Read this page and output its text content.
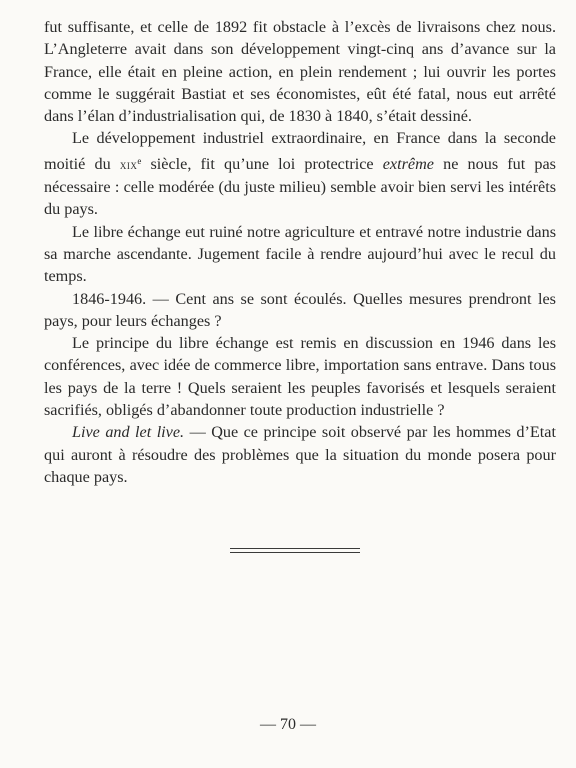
fut suffisante, et celle de 1892 fit obstacle à l’excès de livraisons chez nous. L’Angleterre avait dans son développement vingt-cinq ans d’avance sur la France, elle était en pleine action, en plein rendement ; lui ouvrir les portes comme le suggérait Bastiat et ses économistes, eût été fatal, nous eut arrêté dans l’élan d’industrialisation qui, de 1830 à 1840, s’était dessiné.

Le développement industriel extraordinaire, en France dans la seconde moitié du xix$^e$ siècle, fit qu’une loi protectrice extrême ne nous fut pas nécessaire : celle modérée (du juste milieu) semble avoir bien servi les intérêts du pays.

Le libre échange eut ruiné notre agriculture et entravé notre industrie dans sa marche ascendante. Jugement facile à rendre aujourd’hui avec le recul du temps.

1846-1946. — Cent ans se sont écoulés. Quelles mesures prendront les pays, pour leurs échanges ?

Le principe du libre échange est remis en discussion en 1946 dans les conférences, avec idée de commerce libre, importation sans entrave. Dans tous les pays de la terre ! Quels seraient les peuples favorisés et lesquels seraient sacrifiés, obligés d’abandonner toute production industrielle ?

Live and let live. — Que ce principe soit observé par les hommes d’Etat qui auront à résoudre des problèmes que la situation du monde posera pour chaque pays.

— 70 —
